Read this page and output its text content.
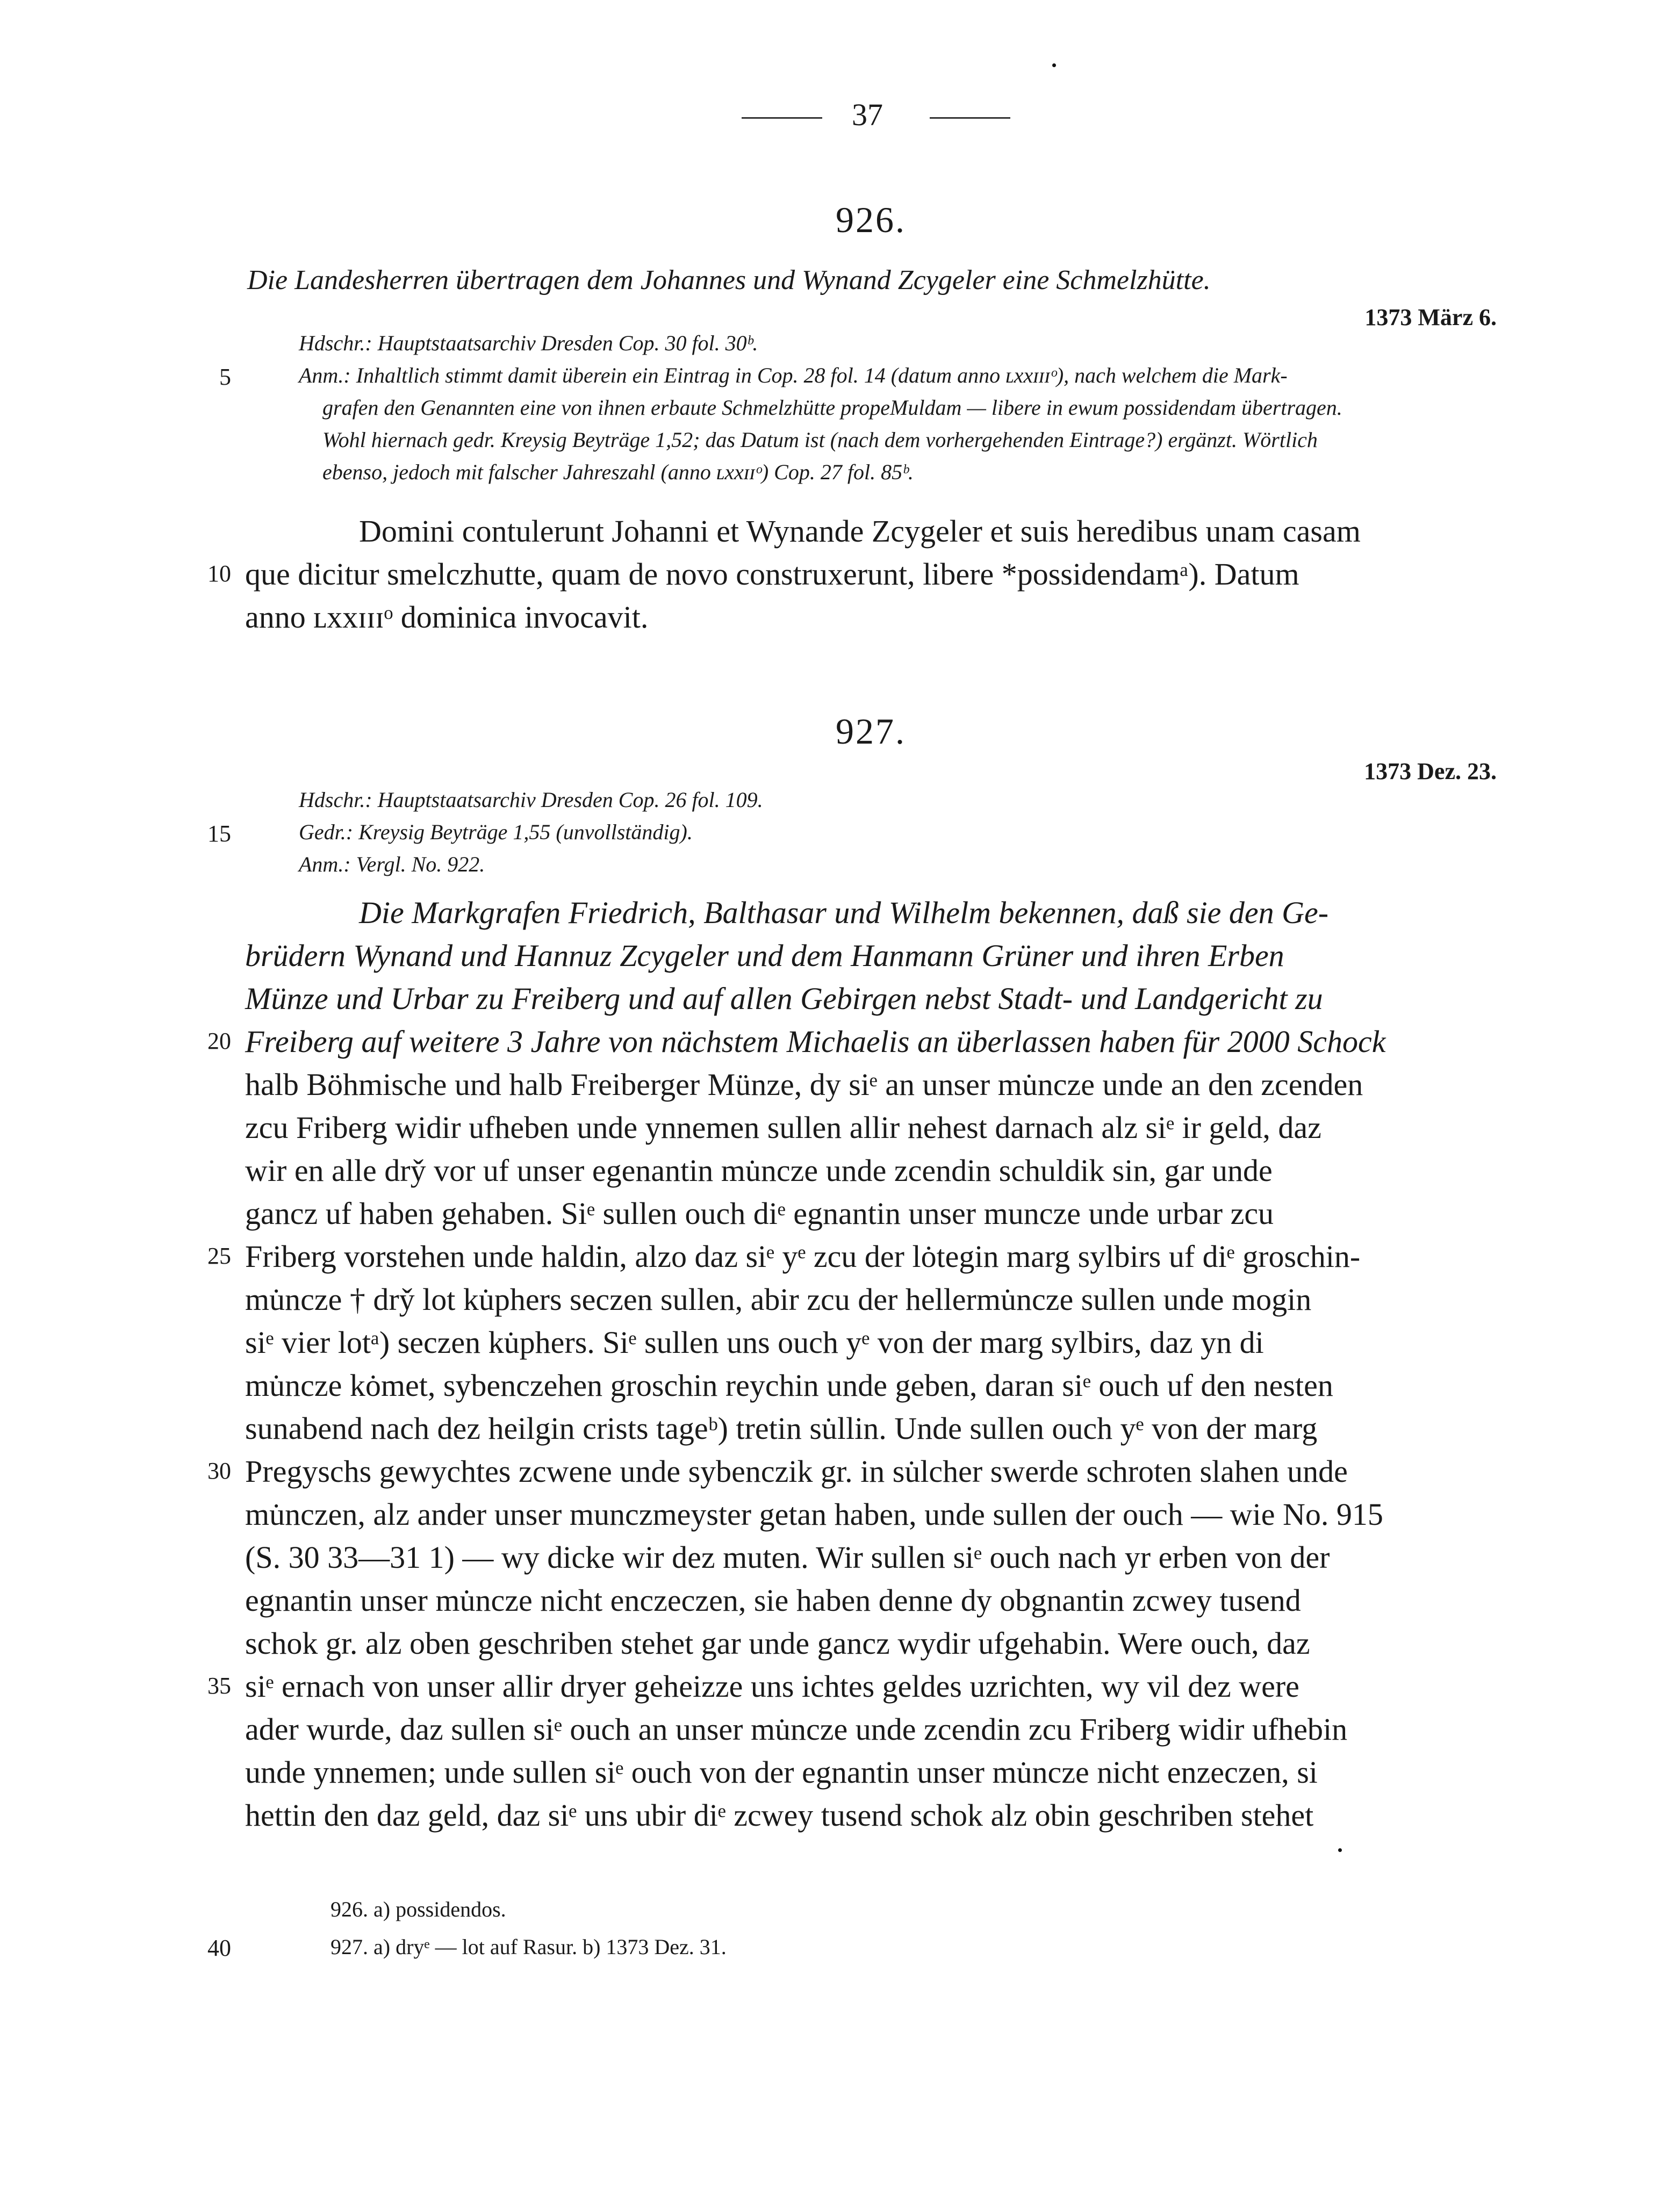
37
926.
Die Landesherren übertragen dem Johannes und Wynand Zcygeler eine Schmelzhütte.
1373 März 6.
Hdschr.: Hauptstaatsarchiv Dresden Cop. 30 fol. 30ᵇ.
Anm.: Inhaltlich stimmt damit überein ein Eintrag in Cop. 28 fol. 14 (datum anno ʟxxɪɪɪᵒ), nach welchem die Mark-
grafen den Genannten eine von ihnen erbaute Schmelzhütte propeMuldam — libere in ewum possidendam übertragen.
Wohl hiernach gedr. Kreysig Beyträge 1,52; das Datum ist (nach dem vorhergehenden Eintrage?) ergänzt. Wörtlich
ebenso, jedoch mit falscher Jahreszahl (anno ʟxxɪɪᵒ) Cop. 27 fol. 85ᵇ.
Domini contulerunt Johanni et Wynande Zcygeler et suis heredibus unam casam
que dicitur smelczhutte, quam de novo construxerunt, libere *possidendamᵃ). Datum
anno ʟxxɪɪɪᵒ dominica invocavit.
927.
1373 Dez. 23.
Hdschr.: Hauptstaatsarchiv Dresden Cop. 26 fol. 109.
Gedr.: Kreysig Beyträge 1,55 (unvollständig).
Anm.: Vergl. No. 922.
Die Markgrafen Friedrich, Balthasar und Wilhelm bekennen, daß sie den Ge-
brüdern Wynand und Hannuz Zcygeler und dem Hanmann Grüner und ihren Erben
Münze und Urbar zu Freiberg und auf allen Gebirgen nebst Stadt- und Landgericht zu
Freiberg auf weitere 3 Jahre von nächstem Michaelis an überlassen haben für 2000 Schock
halb Böhmische und halb Freiberger Münze, dy siᵉ an unser mu̇ncze unde an den zcenden
zcu Friberg widir ufheben unde ynnemen sullen allir nehest darnach alz siᵉ ir geld, daz
wir en alle dry̌ vor uf unser egenantin mu̇ncze unde zcendin schuldik sin, gar unde
gancz uf haben gehaben. Siᵉ sullen ouch diᵉ egnantin unser muncze unde urbar zcu
Friberg vorstehen unde haldin, alzo daz siᵉ yᵉ zcu der lȯtegin marg sylbirs uf diᵉ groschin-
mu̇ncze † dry̌ lot ku̇phers seczen sullen, abir zcu der hellermu̇ncze sullen unde mogin
siᵉ vier lotᵃ) seczen ku̇phers. Siᵉ sullen uns ouch yᵉ von der marg sylbirs, daz yn di
mu̇ncze kȯmet, sybenczehen groschin reychin unde geben, daran siᵉ ouch uf den nesten
sunabend nach dez heilgin crists tageᵇ) tretin su̇llin. Unde sullen ouch yᵉ von der marg
Pregyschs gewychtes zcwene unde sybenczik gr. in su̇lcher swerde schroten slahen unde
mu̇nczen, alz ander unser munczmeyster getan haben, unde sullen der ouch — wie No. 915
(S. 30 33—31 1) — wy dicke wir dez muten. Wir sullen siᵉ ouch nach yr erben von der
egnantin unser mu̇ncze nicht enczeczen, sie haben denne dy obgnantin zcwey tusend
schok gr. alz oben geschriben stehet gar unde gancz wydir ufgehabin. Were ouch, daz
siᵉ ernach von unser allir dryer geheizze uns ichtes geldes uzrichten, wy vil dez were
ader wurde, daz sullen siᵉ ouch an unser mu̇ncze unde zcendin zcu Friberg widir ufhebin
unde ynnemen; unde sullen siᵉ ouch von der egnantin unser mu̇ncze nicht enzeczen, si
hettin den daz geld, daz siᵉ uns ubir diᵉ zcwey tusend schok alz obin geschriben stehet
926. a) possidendos.
927. a) dryᵉ — lot auf Rasur. b) 1373 Dez. 31.
5
10
15
20
25
30
35
40
